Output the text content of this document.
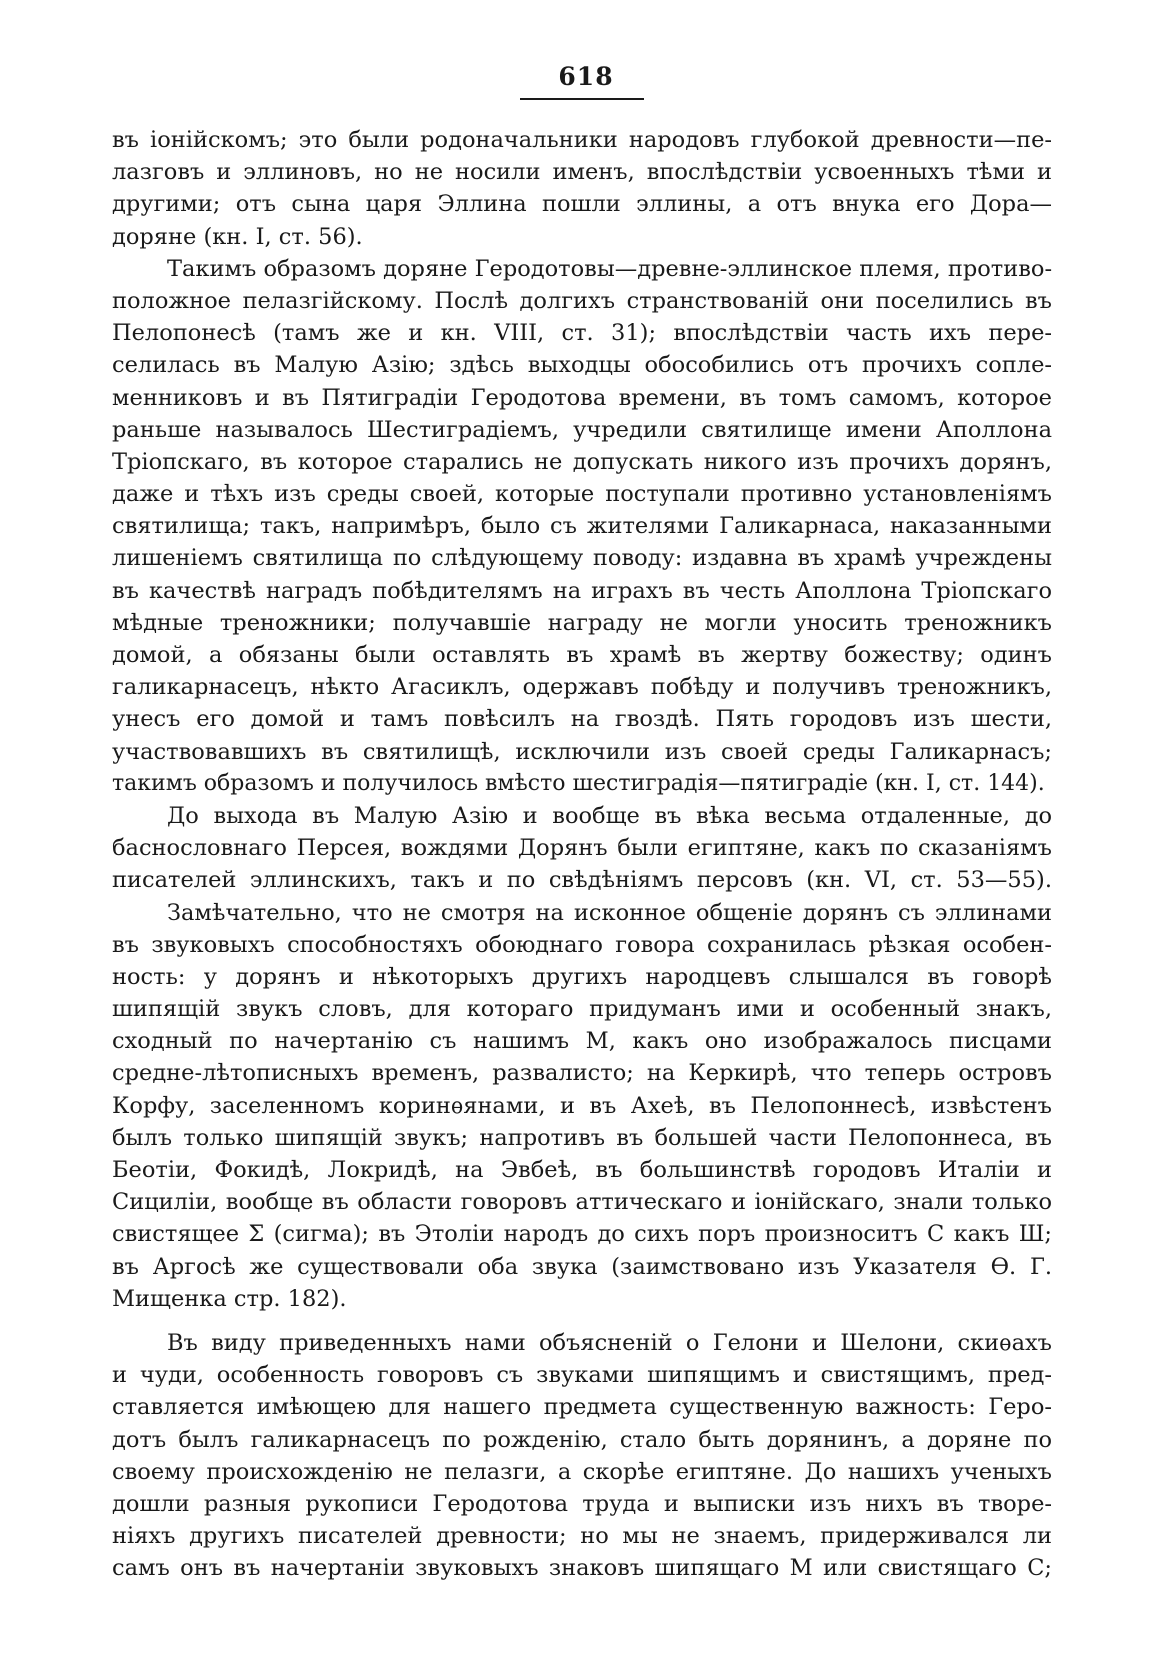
618
въ іонійскомъ; это были родоначальники народовъ глубокой древности—пе-
лазговъ и эллиновъ, но не носили именъ, впослѣдствіи усвоенныхъ тѣми и
другими; отъ сына царя Эллина пошли эллины, а отъ внука его Дора—
доряне (кн. I, ст. 56).
Такимъ образомъ доряне Геродотовы—древне-эллинское племя, противо-
положное пелазгійскому. Послѣ долгихъ странствованій они поселились въ
Пелопонесѣ (тамъ же и кн. VIII, ст. 31); впослѣдствіи часть ихъ пере-
селилась въ Малую Азію; здѣсь выходцы обособились отъ прочихъ сопле-
менниковъ и въ Пятиградіи Геродотова времени, въ томъ самомъ, которое
раньше называлось Шестиградіемъ, учредили святилище имени Аполлона
Тріопскаго, въ которое старались не допускать никого изъ прочихъ дорянъ,
даже и тѣхъ изъ среды своей, которые поступали противно установленіямъ
святилища; такъ, напримѣръ, было съ жителями Галикарнаса, наказанными
лишеніемъ святилища по слѣдующему поводу: издавна въ храмѣ учреждены
въ качествѣ наградъ побѣдителямъ на играхъ въ честь Аполлона Тріопскаго
мѣдные треножники; получавшіе награду не могли уносить треножникъ
домой, а обязаны были оставлять въ храмѣ въ жертву божеству; одинъ
галикарнасецъ, нѣкто Агасиклъ, одержавъ побѣду и получивъ треножникъ,
унесъ его домой и тамъ повѣсилъ на гвоздѣ. Пять городовъ изъ шести,
участвовавшихъ въ святилищѣ, исключили изъ своей среды Галикарнасъ;
такимъ образомъ и получилось вмѣсто шестиградія—пятиградіе (кн. I, ст. 144).
До выхода въ Малую Азію и вообще въ вѣка весьма отдаленные, до
баснословнаго Персея, вождями Дорянъ были египтяне, какъ по сказаніямъ
писателей эллинскихъ, такъ и по свѣдѣніямъ персовъ (кн. VI, ст. 53—55).
Замѣчательно, что не смотря на исконное общеніе дорянъ съ эллинами
въ звуковыхъ способностяхъ обоюднаго говора сохранилась рѣзкая особен-
ность: у дорянъ и нѣкоторыхъ другихъ народцевъ слышался въ говорѣ
шипящій звукъ словъ, для котораго придуманъ ими и особенный знакъ,
сходный по начертанію съ нашимъ М, какъ оно изображалось писцами
средне-лѣтописныхъ временъ, развалисто; на Керкирѣ, что теперь островъ
Корфу, заселенномъ коринѳянами, и въ Ахеѣ, въ Пелопоннесѣ, извѣстенъ
былъ только шипящій звукъ; напротивъ въ большей части Пелопоннеса, въ
Беотіи, Фокидѣ, Локридѣ, на Эвбеѣ, въ большинствѣ городовъ Италіи и
Сициліи, вообще въ области говоровъ аттическаго и іонійскаго, знали только
свистящее Σ (сигма); въ Этоліи народъ до сихъ поръ произноситъ С какъ Ш;
въ Аргосѣ же существовали оба звука (заимствовано изъ Указателя Ѳ. Г.
Мищенка стр. 182).
Въ виду приведенныхъ нами объясненій о Гелони и Шелони, скиѳахъ
и чуди, особенность говоровъ съ звуками шипящимъ и свистящимъ, пред-
ставляется имѣющею для нашего предмета существенную важность: Геро-
дотъ былъ галикарнасецъ по рожденію, стало быть дорянинъ, а доряне по
своему происхожденію не пелазги, а скорѣе египтяне. До нашихъ ученыхъ
дошли разныя рукописи Геродотова труда и выписки изъ нихъ въ творе-
ніяхъ другихъ писателей древности; но мы не знаемъ, придерживался ли
самъ онъ въ начертаніи звуковыхъ знаковъ шипящаго М или свистящаго С;
